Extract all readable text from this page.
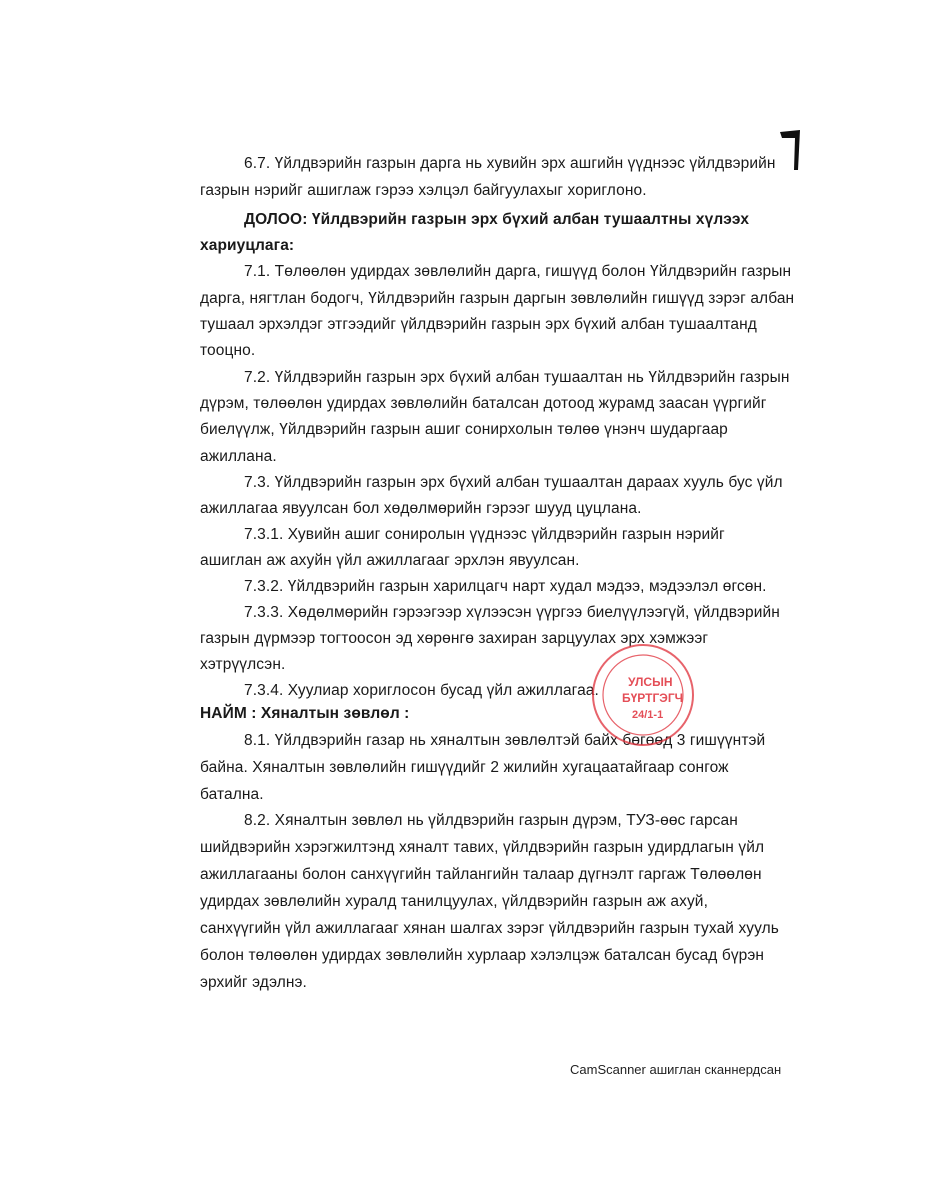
6.7. Үйлдвэрийн газрын дарга нь хувийн эрх ашгийн үүднээс үйлдвэрийн
газрын нэрийг ашиглаж гэрээ хэлцэл байгуулахыг хориглоно.
ДОЛОО: Үйлдвэрийн газрын эрх бүхий албан тушаалтны хүлээх
хариуцлага:
7.1. Төлөөлөн удирдах зөвлөлийн дарга, гишүүд болон Үйлдвэрийн газрын
дарга, нягтлан бодогч, Үйлдвэрийн газрын даргын зөвлөлийн гишүүд зэрэг албан
тушаал эрхэлдэг этгээдийг үйлдвэрийн газрын эрх бүхий албан тушаалтанд
тооцно.
7.2. Үйлдвэрийн газрын эрх бүхий албан тушаалтан нь Үйлдвэрийн газрын
дүрэм, төлөөлөн удирдах зөвлөлийн баталсан дотоод журамд заасан үүргийг
биелүүлж, Үйлдвэрийн газрын ашиг сонирхолын төлөө үнэнч шударгаар
ажиллана.
7.3. Үйлдвэрийн газрын эрх бүхий албан тушаалтан дараах хууль бус үйл
ажиллагаа явуулсан бол хөдөлмөрийн гэрээг шууд цуцлана.
7.3.1. Хувийн ашиг сониролын үүднээс үйлдвэрийн газрын нэрийг
ашиглан аж ахуйн үйл ажиллагааг эрхлэн явуулсан.
7.3.2. Үйлдвэрийн газрын харилцагч нарт худал мэдээ, мэдээлэл өгсөн.
7.3.3. Хөдөлмөрийн гэрээгээр хүлээсэн үүргээ биелүүлээгүй, үйлдвэрийн
газрын дүрмээр тогтоосон эд хөрөнгө захиран зарцуулах эрх хэмжээг
хэтрүүлсэн.
7.3.4. Хуулиар хориглосон бусад үйл ажиллагаа.
НАЙМ : Хяналтын зөвлөл :
8.1. Үйлдвэрийн газар нь хяналтын зөвлөлтэй байх бөгөөд 3 гишүүнтэй
байна. Хяналтын зөвлөлийн гишүүдийг 2 жилийн хугацаатайгаар сонгож
батална.
8.2. Хяналтын зөвлөл нь үйлдвэрийн газрын дүрэм, ТУЗ-өөс гарсан
шийдвэрийн хэрэгжилтэнд хяналт тавих, үйлдвэрийн газрын удирдлагын үйл
ажиллагааны болон санхүүгийн тайлангийн талаар дүгнэлт гаргаж Төлөөлөн
удирдах зөвлөлийн хуралд танилцуулах, үйлдвэрийн газрын аж ахуй,
санхүүгийн үйл ажиллагааг хянан шалгах зэрэг үйлдвэрийн газрын тухай хууль
болон төлөөлөн удирдах зөвлөлийн хурлаар хэлэлцэж баталсан бусад бүрэн
эрхийг эдэлнэ.
УЛСЫН
БҮРТГЭГЧ
24/1-1
CamScanner ашиглан сканнердсан
